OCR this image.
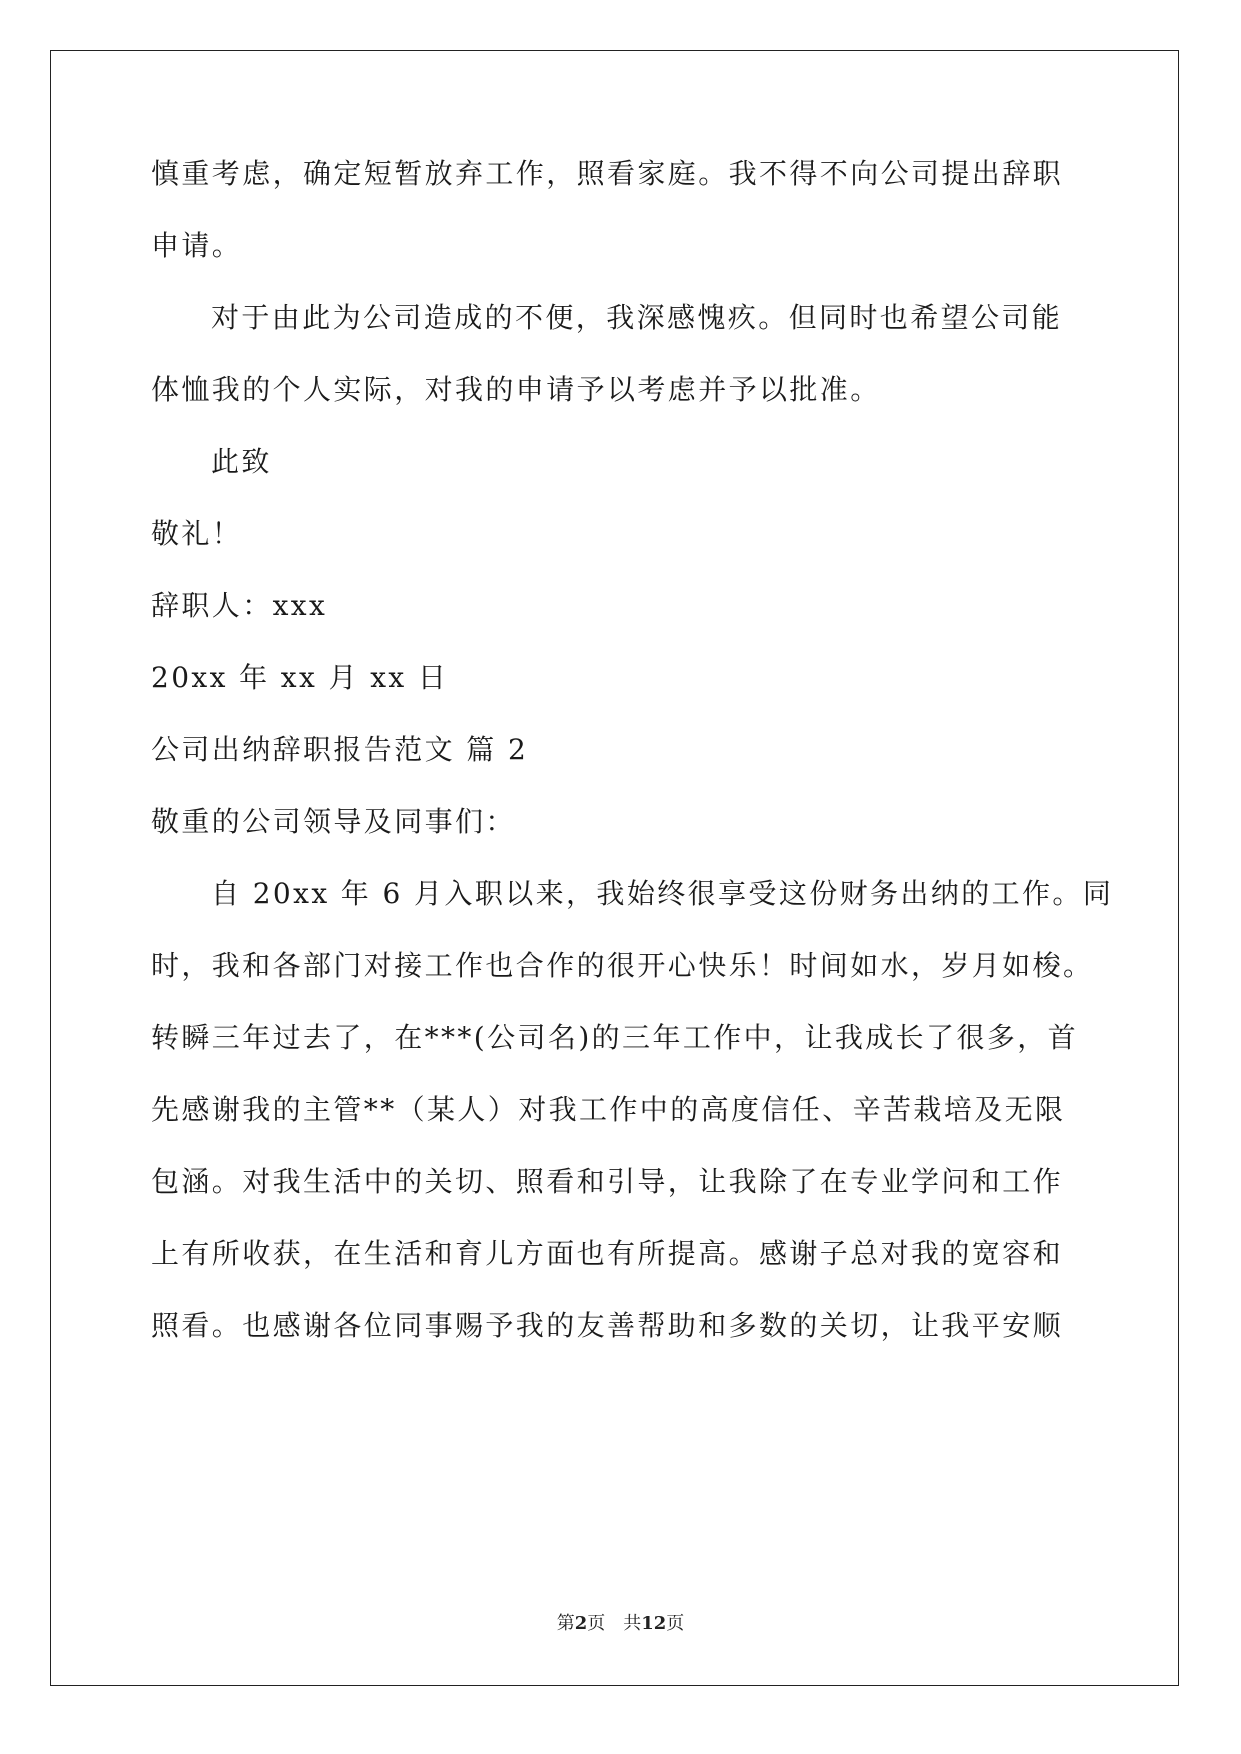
慎重考虑，确定短暂放弃工作，照看家庭。我不得不向公司提出辞职
申请。
对于由此为公司造成的不便，我深感愧疚。但同时也希望公司能
体恤我的个人实际，对我的申请予以考虑并予以批准。
此致
敬礼！
辞职人：xxx
20xx 年 xx 月 xx 日
公司出纳辞职报告范文 篇 2
敬重的公司领导及同事们：
自 20xx 年 6 月入职以来，我始终很享受这份财务出纳的工作。同
时，我和各部门对接工作也合作的很开心快乐！时间如水，岁月如梭。
转瞬三年过去了，在***(公司名)的三年工作中，让我成长了很多，首
先感谢我的主管**（某人）对我工作中的高度信任、辛苦栽培及无限
包涵。对我生活中的关切、照看和引导，让我除了在专业学问和工作
上有所收获，在生活和育儿方面也有所提高。感谢子总对我的宽容和
照看。也感谢各位同事赐予我的友善帮助和多数的关切，让我平安顺
第2页　共12页
